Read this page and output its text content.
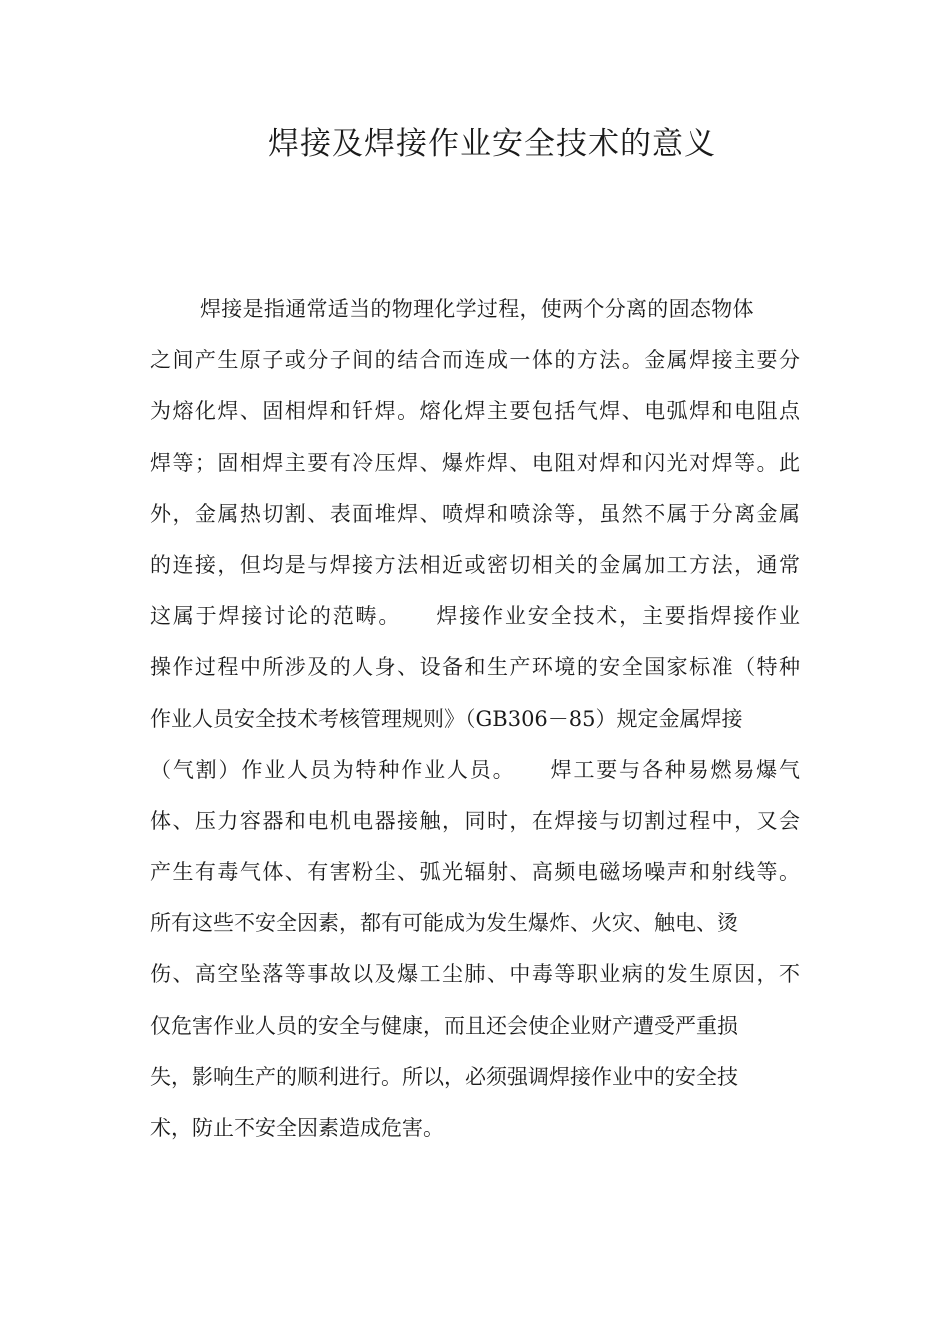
焊接及焊接作业安全技术的意义
焊接是指通常适当的物理化学过程，使两个分离的固态物体
之间产生原子或分子间的结合而连成一体的方法。金属焊接主要分
为熔化焊、固相焊和钎焊。熔化焊主要包括气焊、电弧焊和电阻点
焊等；固相焊主要有冷压焊、爆炸焊、电阻对焊和闪光对焊等。此
外，金属热切割、表面堆焊、喷焊和喷涂等，虽然不属于分离金属
的连接，但均是与焊接方法相近或密切相关的金属加工方法，通常
这属于焊接讨论的范畴。　　焊接作业安全技术，主要指焊接作业
操作过程中所涉及的人身、设备和生产环境的安全国家标准（特种
作业人员安全技术考核管理规则》（GB306－85）规定金属焊接
（气割）作业人员为特种作业人员。　　焊工要与各种易燃易爆气
体、压力容器和电机电器接触，同时，在焊接与切割过程中，又会
产生有毒气体、有害粉尘、弧光辐射、高频电磁场噪声和射线等。
所有这些不安全因素，都有可能成为发生爆炸、火灾、触电、烫
伤、高空坠落等事故以及爆工尘肺、中毒等职业病的发生原因，不
仅危害作业人员的安全与健康，而且还会使企业财产遭受严重损
失，影响生产的顺利进行。所以，必须强调焊接作业中的安全技
术，防止不安全因素造成危害。
